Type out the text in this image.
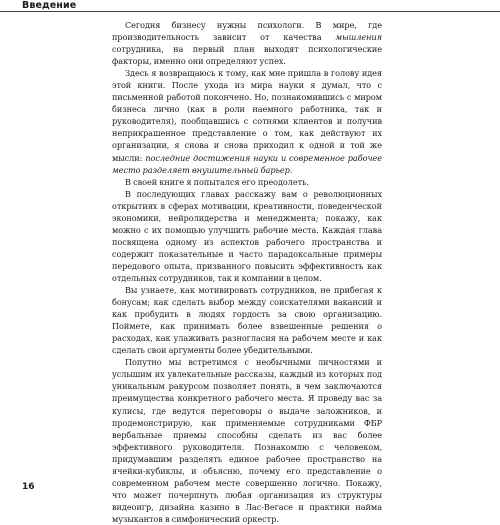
Введение

Сегодня бизнесу нужны психологи. В мире, где производительность зависит от качества мышления сотрудника, на первый план выходят психологические факторы, именно они определяют успех.

Здесь я возвращаюсь к тому, как мне пришла в голову идея этой книги. После ухода из мира науки я думал, что с письменной работой покончено. Но, познакомившись с миром бизнеса лично (как в роли наемного работника, так и руководителя), пообщавшись с сотнями клиентов и получив неприкрашенное представление о том, как действуют их организации, я снова и снова приходил к одной и той же мысли: последние достижения науки и современное рабочее место разделяет внушительный барьер.

В своей книге я попытался его преодолеть.

В последующих главах расскажу вам о революционных открытиях в сферах мотивации, креативности, поведенческой экономики, нейролидерства и менеджмента; покажу, как можно с их помощью улучшить рабочие места. Каждая глава посвящена одному из аспектов рабочего пространства и содержит показательные и часто парадоксальные примеры передового опыта, призванного повысить эффективность как отдельных сотрудников, так и компании в целом.

Вы узнаете, как мотивировать сотрудников, не прибегая к бонусам; как сделать выбор между соискателями вакансий и как пробудить в людях гордость за свою организацию. Поймете, как принимать более взвешенные решения о расходах, как улаживать разногласия на рабочем месте и как сделать свои аргументы более убедительными.

Попутно мы встретимся с необычными личностями и услышим их увлекательные рассказы, каждый из которых под уникальным ракурсом позволяет понять, в чем заключаются преимущества конкретного рабочего места. Я проведу вас за кулисы, где ведутся переговоры о выдаче заложников, и продемонстрирую, как применяемые сотрудниками ФБР вербальные приемы способны сделать из вас более эффективного руководителя. Познакомлю с человеком, придумавшим разделять единое рабочее пространство на ячейки-кубиклы, и объясню, почему его представление о современном рабочем месте совершенно логично. Покажу, что может почерпнуть любая организация из структуры видеоигр, дизайна казино в Лас-Вегасе и практики найма музыкантов в симфонический оркестр.

16
